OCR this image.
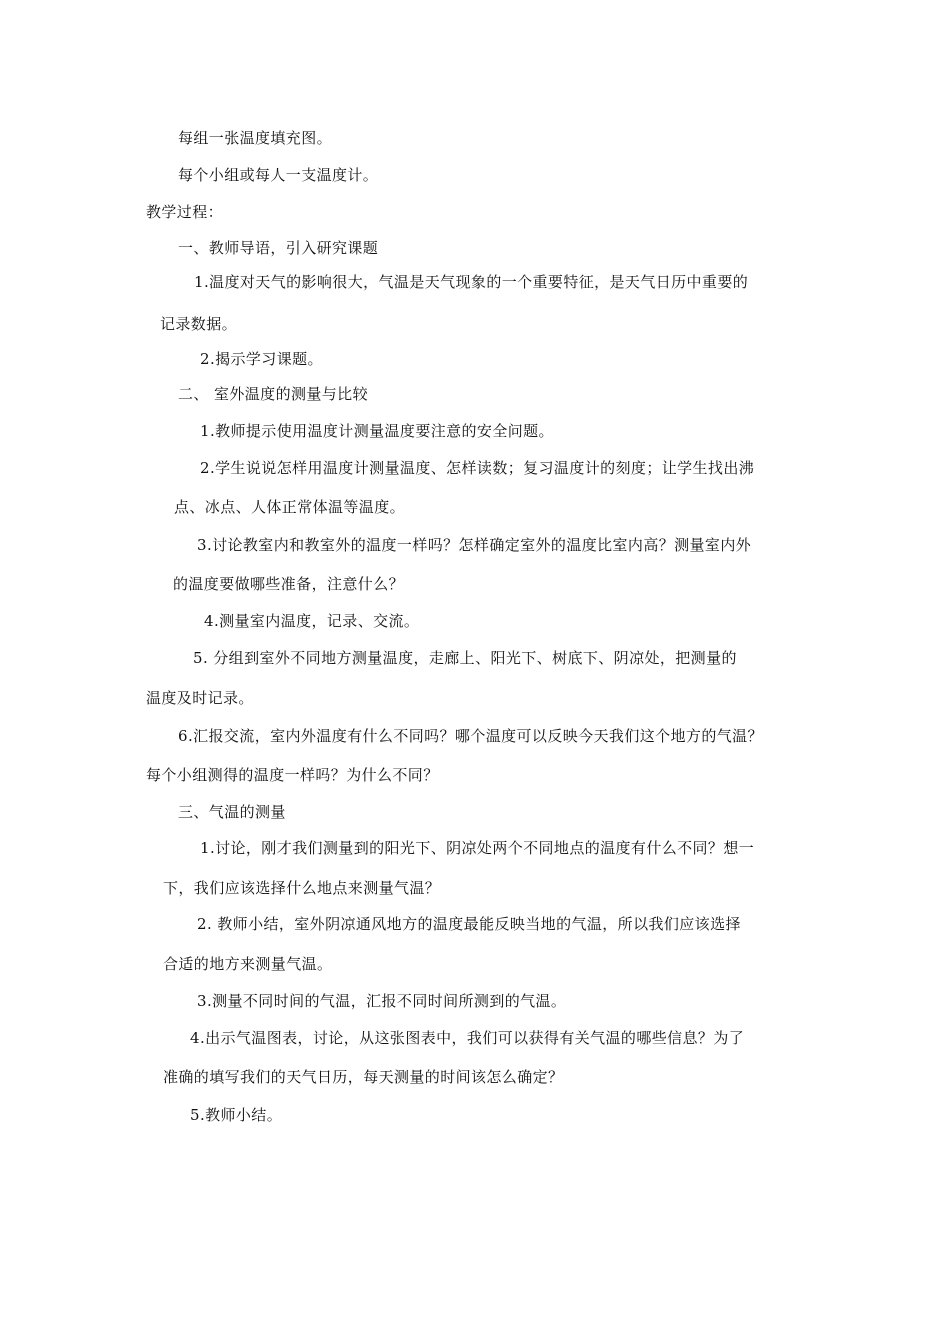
每组一张温度填充图。
每个小组或每人一支温度计。
教学过程：
一、教师导语，引入研究课题
1.温度对天气的影响很大，气温是天气现象的一个重要特征，是天气日历中重要的
记录数据。
2.揭示学习课题。
二、 室外温度的测量与比较
1.教师提示使用温度计测量温度要注意的安全问题。
2.学生说说怎样用温度计测量温度、怎样读数；复习温度计的刻度；让学生找出沸
点、冰点、人体正常体温等温度。
3.讨论教室内和教室外的温度一样吗？怎样确定室外的温度比室内高？测量室内外
的温度要做哪些准备，注意什么？
4.测量室内温度，记录、交流。
5. 分组到室外不同地方测量温度，走廊上、阳光下、树底下、阴凉处，把测量的
温度及时记录。
6.汇报交流，室内外温度有什么不同吗？哪个温度可以反映今天我们这个地方的气温？
每个小组测得的温度一样吗？为什么不同？
三、气温的测量
1.讨论，刚才我们测量到的阳光下、阴凉处两个不同地点的温度有什么不同？想一
下，我们应该选择什么地点来测量气温？
2. 教师小结，室外阴凉通风地方的温度最能反映当地的气温，所以我们应该选择
合适的地方来测量气温。
3.测量不同时间的气温，汇报不同时间所测到的气温。
4.出示气温图表，讨论，从这张图表中，我们可以获得有关气温的哪些信息？为了
准确的填写我们的天气日历，每天测量的时间该怎么确定？
5.教师小结。
